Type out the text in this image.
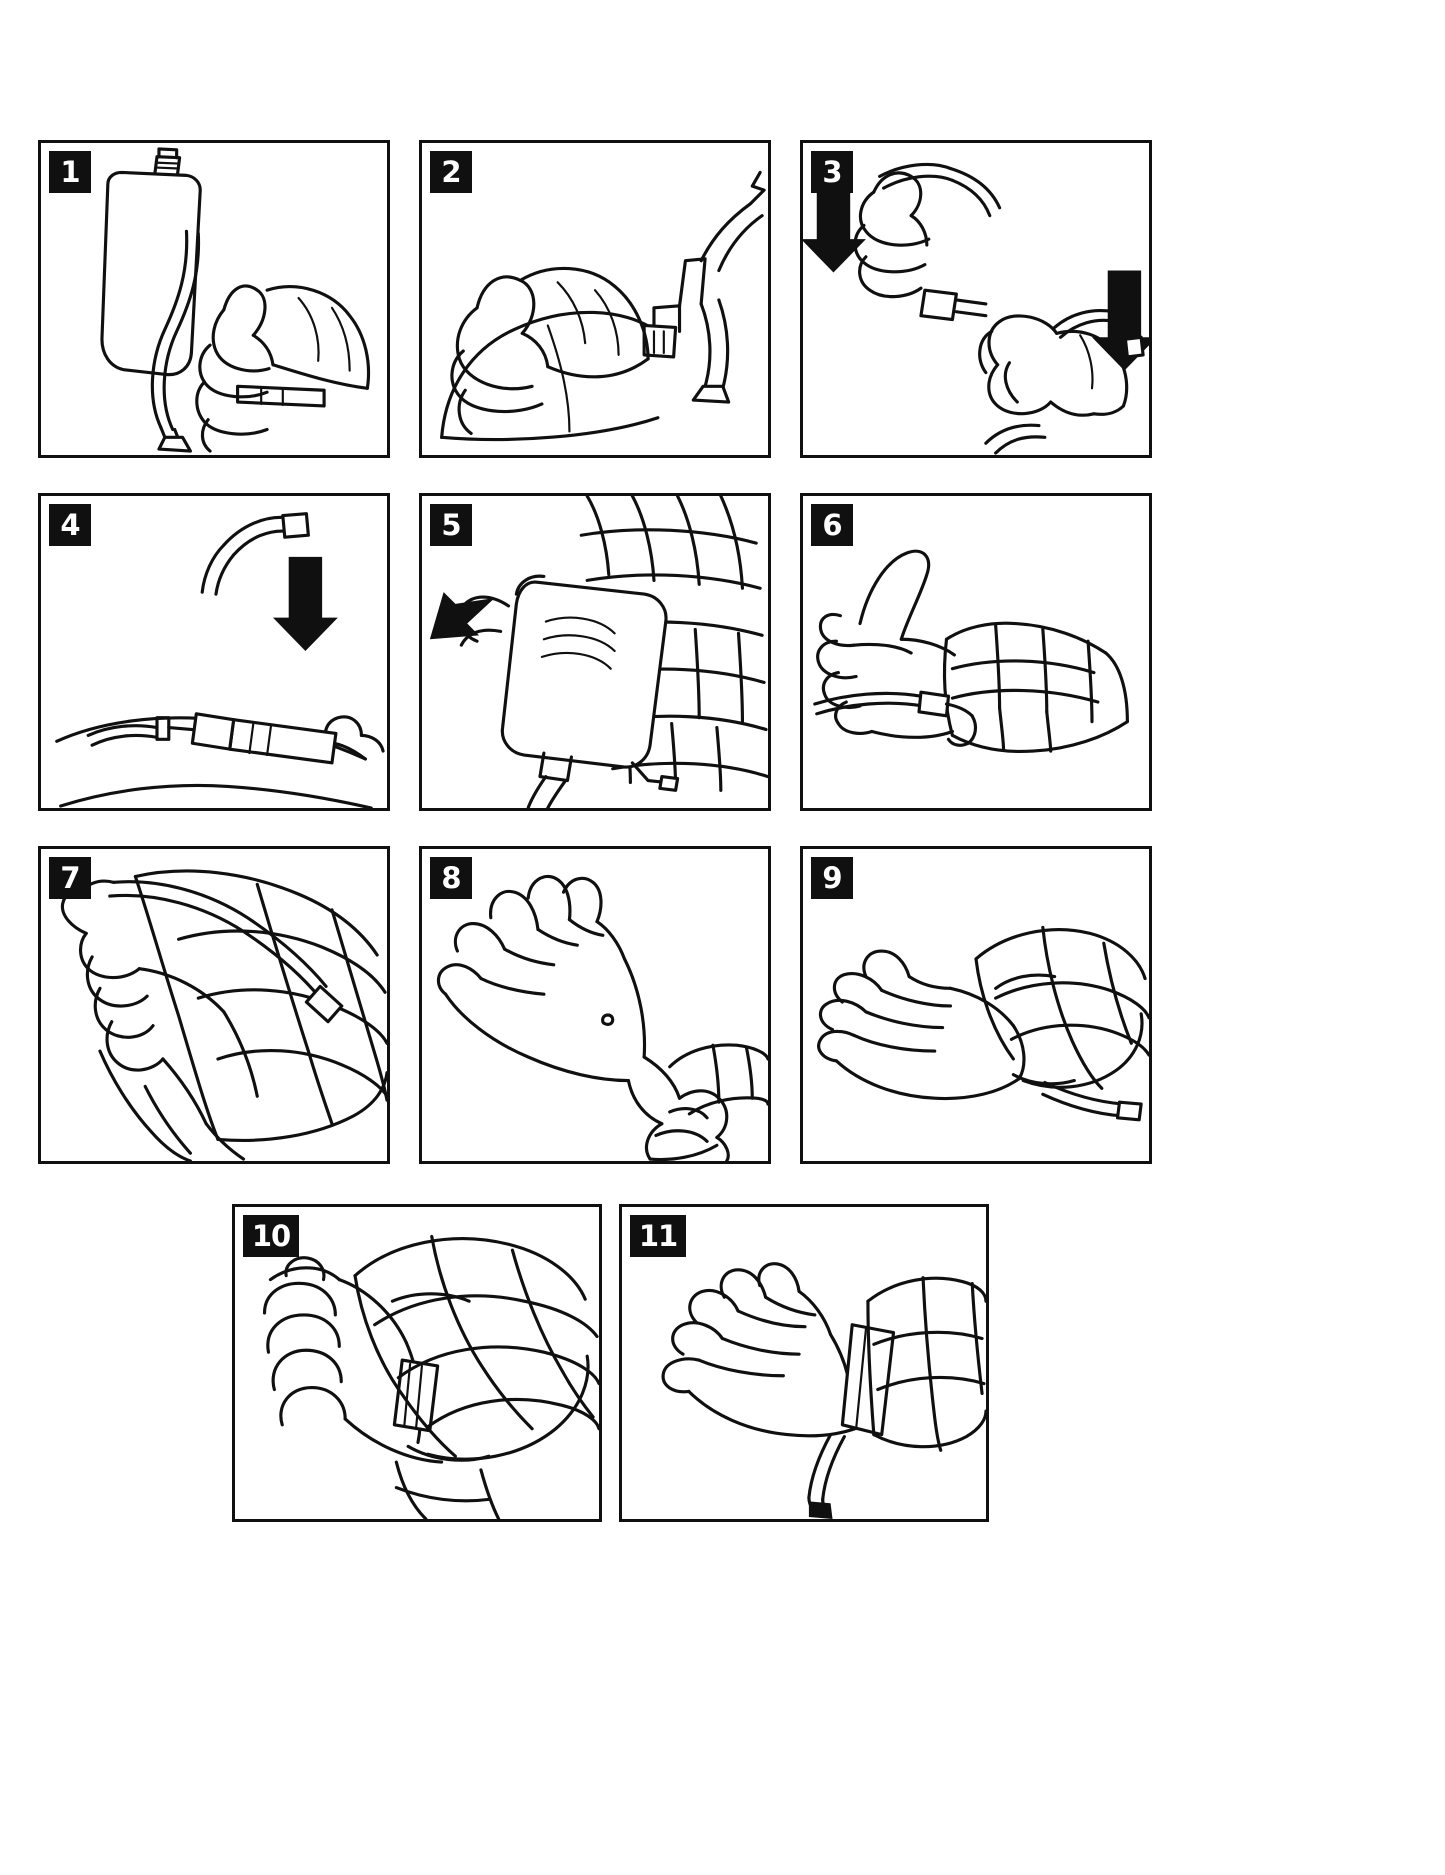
1	2	3
4	5	6
7	8	9
10	11
